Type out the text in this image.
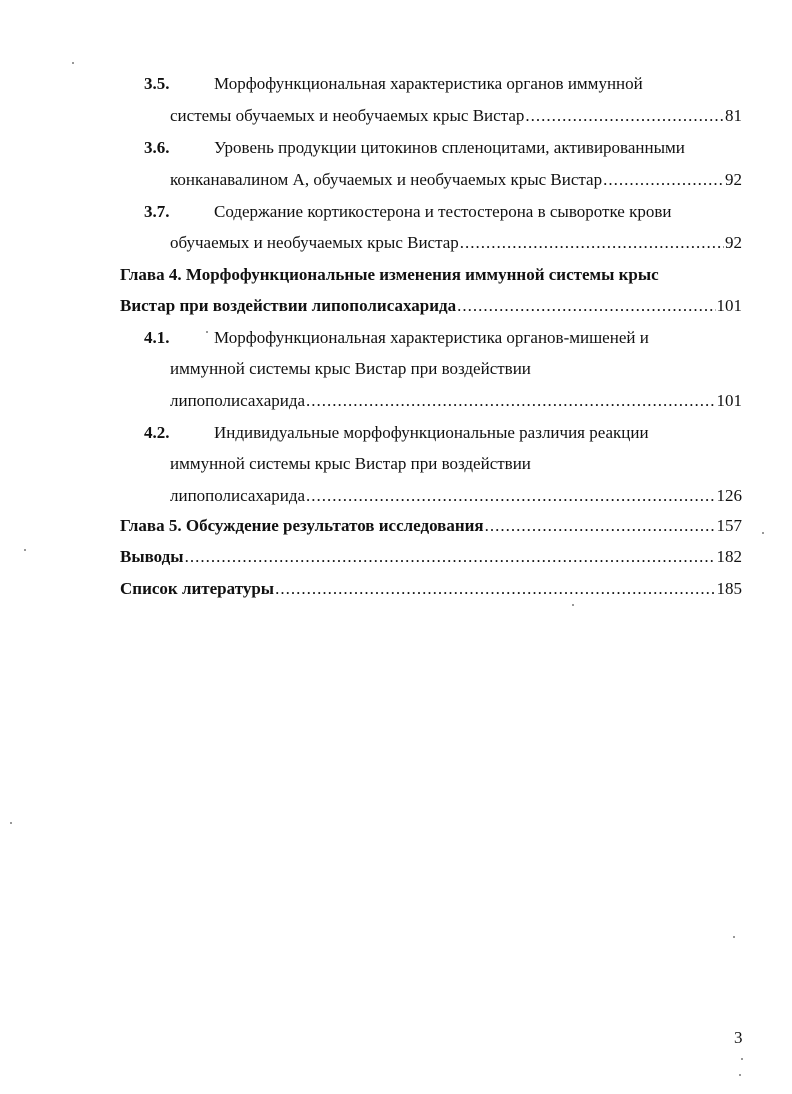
3.5.	Морфофункциональная характеристика органов иммунной
системы обучаемых и необучаемых крыс Вистар .....	81
3.6.	Уровень продукции цитокинов спленоцитами, активированными
конканавалином А, обучаемых и необучаемых крыс Вистар .....	92
3.7.	Содержание кортикостерона и тестостерона в сыворотке крови
обучаемых и необучаемых крыс Вистар .....	92
Глава 4. Морфофункциональные изменения иммунной системы крыс
Вистар при воздействии липополисахарида .....	101
4.1.	Морфофункциональная характеристика органов-мишеней и
иммунной системы крыс Вистар при воздействии
липополисахарида .....	101
4.2.	Индивидуальные морфофункциональные различия реакции
иммунной системы крыс Вистар при воздействии
липополисахарида .....	126
Глава 5. Обсуждение результатов исследования .....	157
Выводы .....	182
Список литературы .....	185
3
